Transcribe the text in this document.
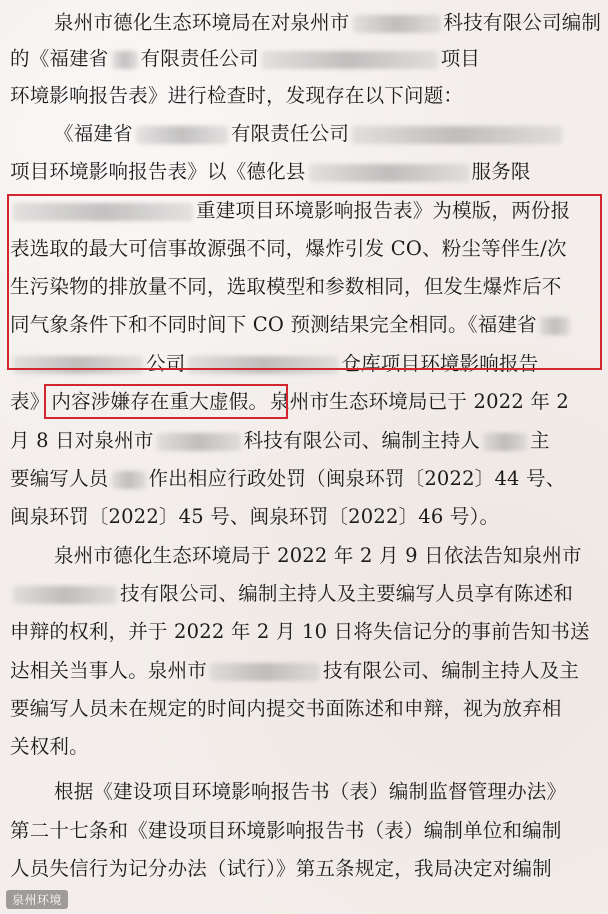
泉州市德化生态环境局在对泉州市	科技有限公司编制
的《福建省 有限责任公司	项目
环境影响报告表》进行检查时，发现存在以下问题：
《福建省	有限责任公司
项目环境影响报告表》以《德化县	服务限
重建项目环境影响报告表》为模版，两份报
表选取的最大可信事故源强不同，爆炸引发 CO、粉尘等伴生/次
生污染物的排放量不同，选取模型和参数相同，但发生爆炸后不
同气象条件下和不同时间下 CO 预测结果完全相同。《福建省
公司	仓库项目环境影响报告
表》 内容涉嫌存在重大虚假。 泉州市生态环境局已于 2022 年 2
月 8 日对泉州市	科技有限公司、编制主持人	主
要编写人员 作出相应行政处罚（闽泉环罚〔2022〕44 号、
闽泉环罚〔2022〕45 号、闽泉环罚〔2022〕46 号）。
泉州市德化生态环境局于 2022 年 2 月 9 日依法告知泉州市
技有限公司、编制主持人及主要编写人员享有陈述和
申辩的权利，并于 2022 年 2 月 10 日将失信记分的事前告知书送
达相关当事人。泉州市	技有限公司、编制主持人及主
要编写人员未在规定的时间内提交书面陈述和申辩，视为放弃相
关权利。
根据《建设项目环境影响报告书（表）编制监督管理办法》
第二十七条和《建设项目环境影响报告书（表）编制单位和编制
人员失信行为记分办法（试行）》第五条规定，我局决定对编制
泉州环境
